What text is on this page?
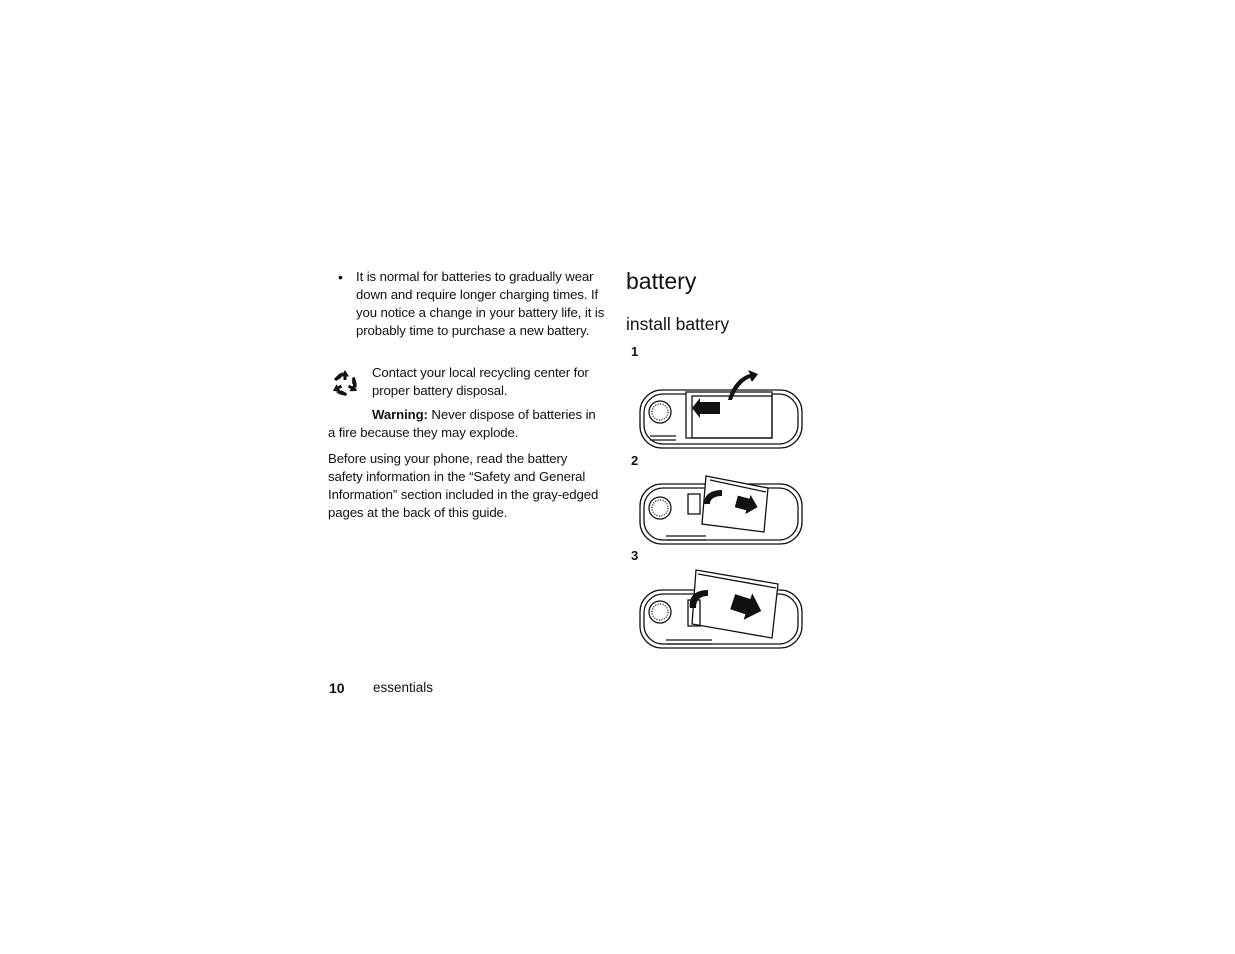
• It is normal for batteries to gradually wear down and require longer charging times. If you notice a change in your battery life, it is probably time to purchase a new battery.
Contact your local recycling center for proper battery disposal.
Warning: Never dispose of batteries in a fire because they may explode.
Before using your phone, read the battery safety information in the “Safety and General Information” section included in the gray-edged pages at the back of this guide.
battery
install battery
1
2
3
10 essentials
